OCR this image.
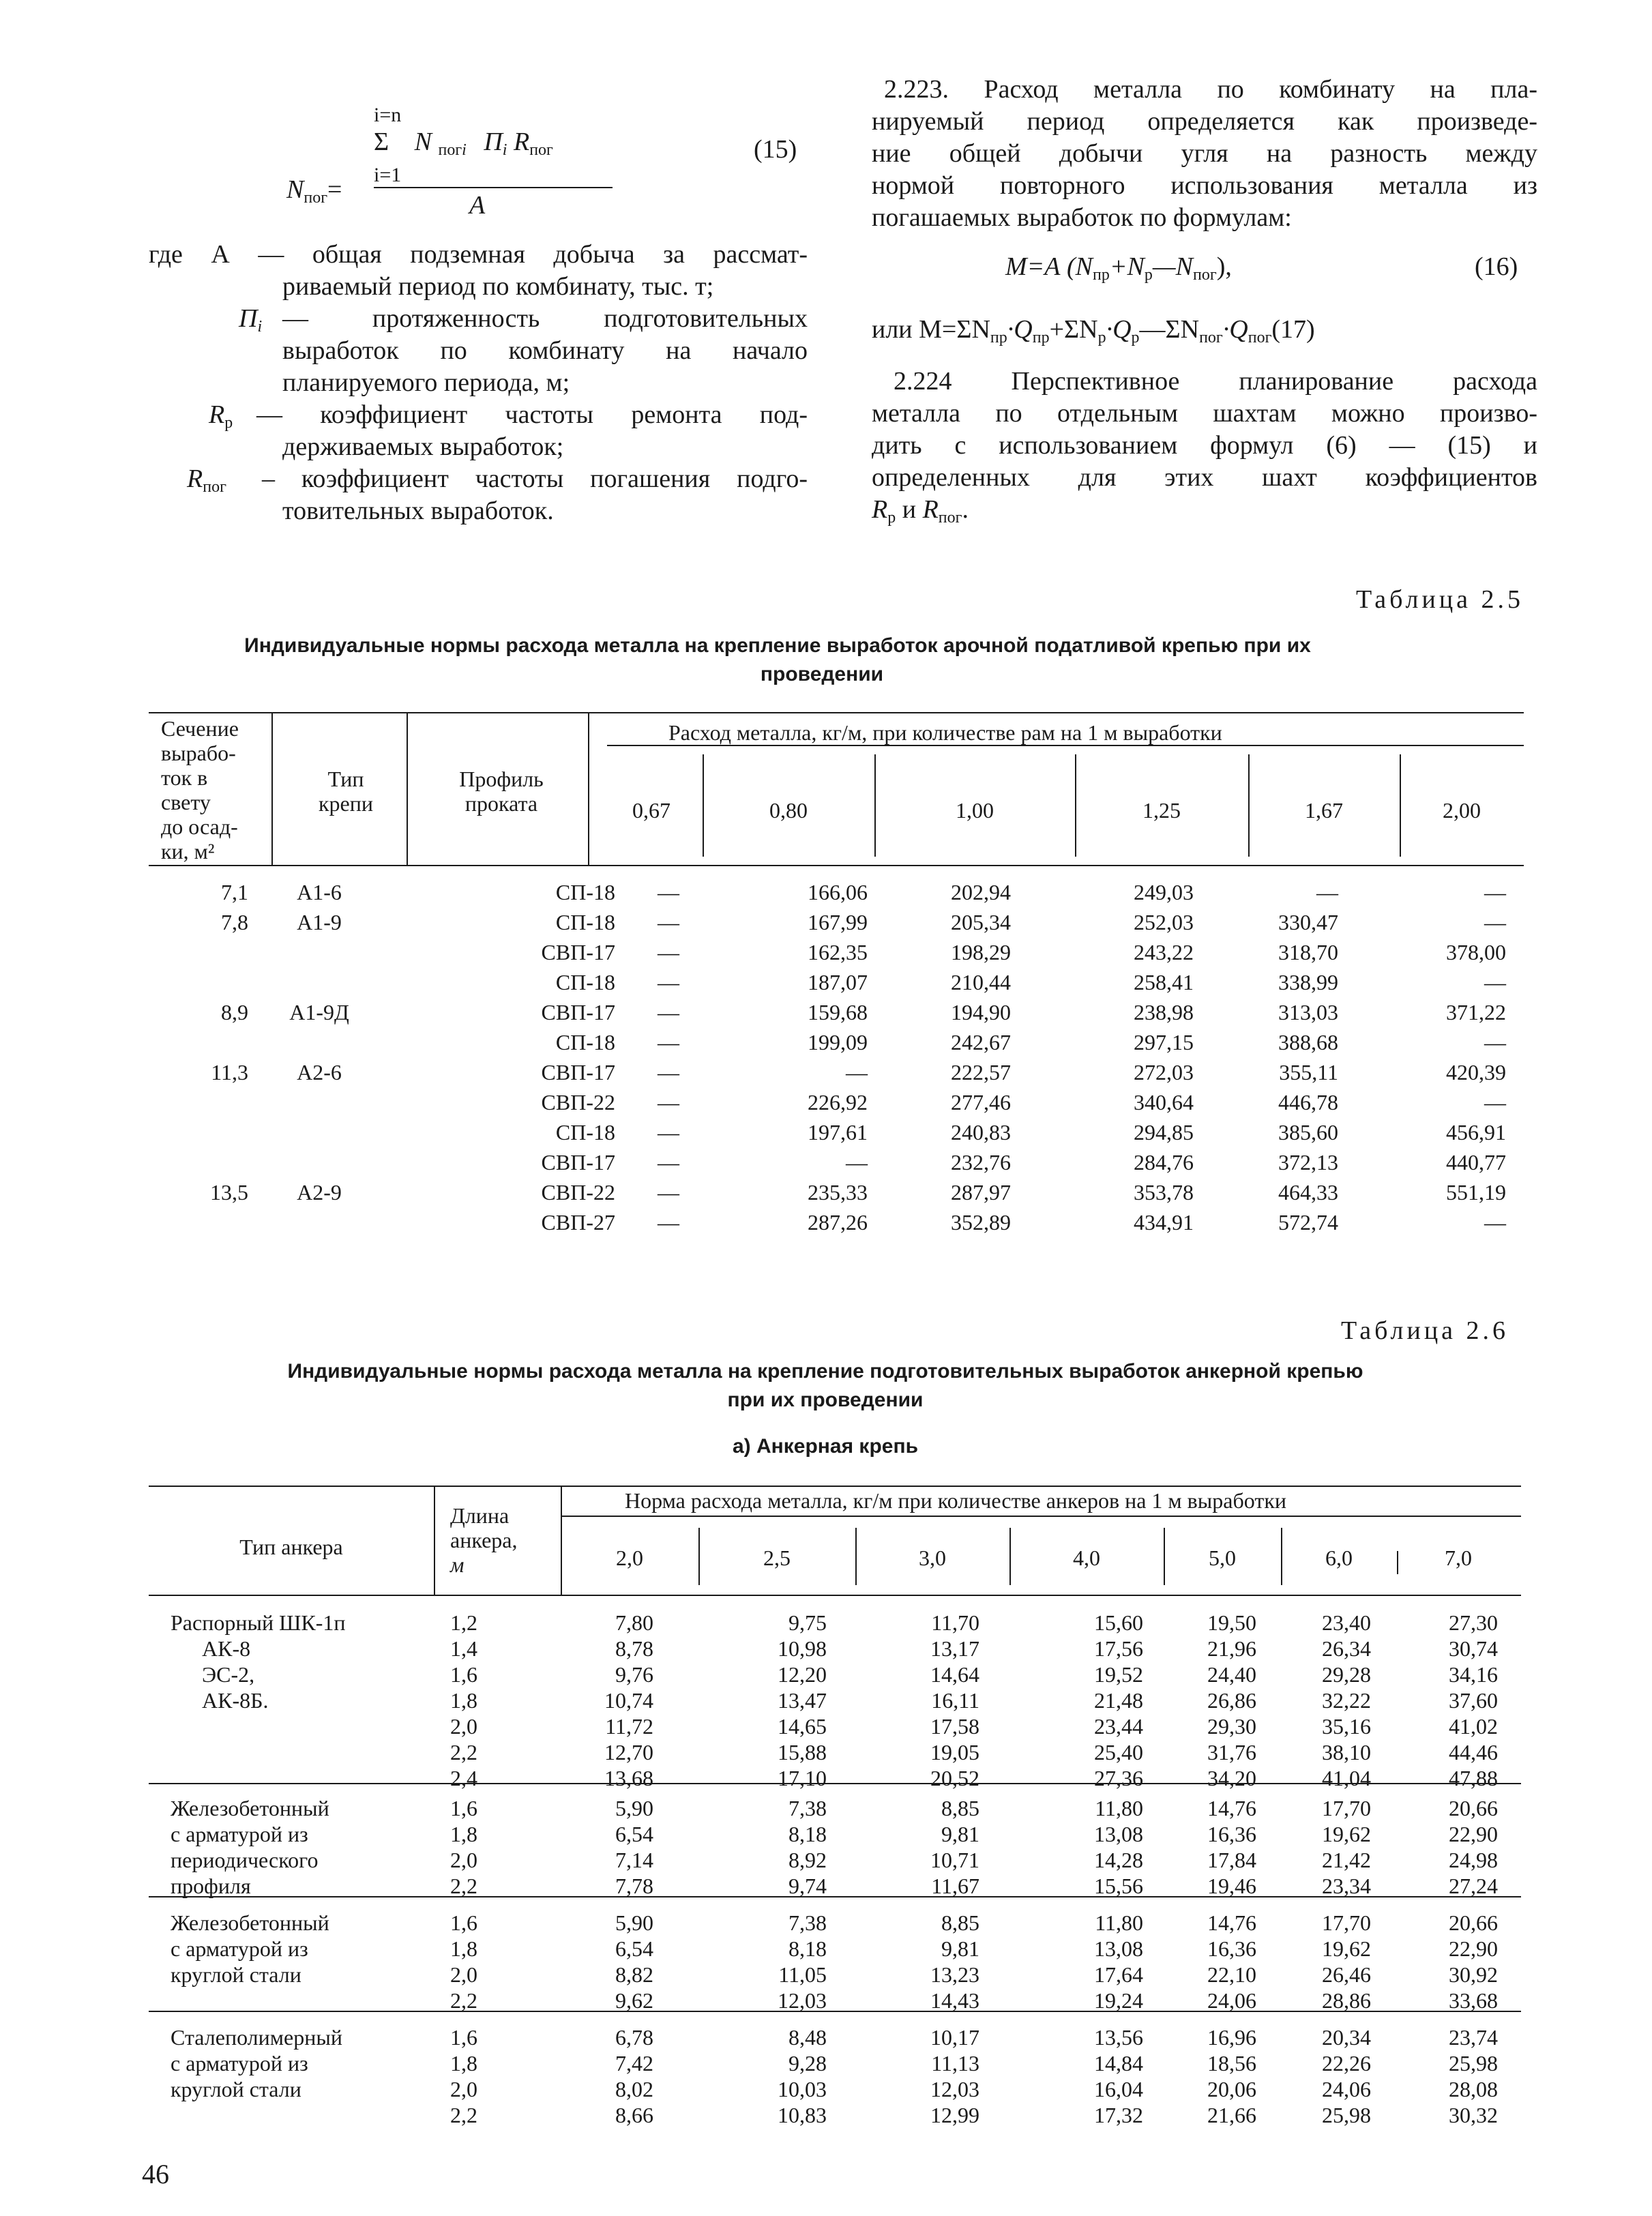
i=n
Σ N $_{погi}$ $П_i$ $R_{пог}$
i=1
$N_{пог}=$
А
(15)
где А — общая подземная добыча за рассмат-
риваемый период по комбинату, тыс. т;
$П_i$ — протяженность подготовительных
выработок по комбинату на начало
планируемого периода, м;
$R_р$ — коэффициент частоты ремонта под-
держиваемых выработок;
$R_{пог}$ – коэффициент частоты погашения подго-
товительных выработок.
2.223. Расход металла по комбинату на пла-
нируемый период определяется как произведе-
ние общей добычи угля на разность между
нормой повторного использования металла из
погашаемых выработок по формулам:
М=А $(N_{пр}+N_р—N_{пог})$,	(16)
или $М=\Sigma N_{пр}\cdot Q_{пр}+\Sigma N_р\cdot Q_р—\Sigma N_{пог}\cdot Q_{пог}(17)$
2.224 Перспективное планирование расхода
металла по отдельным шахтам можно произво-
дить с использованием формул (6) — (15) и
определенных для этих шахт коэффициентов
$R_р$ и $R_{пог}$.
Таблица 2.5
Индивидуальные нормы расхода металла на крепление выработок арочной податливой крепью при их
проведении
Сечение
вырабо-
ток в
свету
до осад-
ки, м²
Тип
крепи
Профиль
проката
Расход металла, кг/м, при количестве рам на 1 м выработки
0,67	0,80	1,00	1,25	1,67	2,00
7,1	А1-6	СП-18	—	166,06	202,94	249,03	—	—
7,8	А1-9	СП-18	—	167,99	205,34	252,03	330,47	—
		СВП-17	—	162,35	198,29	243,22	318,70	378,00
		СП-18	—	187,07	210,44	258,41	338,99	—
8,9	А1-9Д	СВП-17	—	159,68	194,90	238,98	313,03	371,22
		СП-18	—	199,09	242,67	297,15	388,68	—
11,3	А2-6	СВП-17	—	—	222,57	272,03	355,11	420,39
		СВП-22	—	226,92	277,46	340,64	446,78	—
		СП-18	—	197,61	240,83	294,85	385,60	456,91
		СВП-17	—	—	232,76	284,76	372,13	440,77
13,5	А2-9	СВП-22	—	235,33	287,97	353,78	464,33	551,19
		СВП-27	—	287,26	352,89	434,91	572,74	—
Таблица 2.6
Индивидуальные нормы расхода металла на крепление подготовительных выработок анкерной крепью
при их проведении
а) Анкерная крепь
Тип анкера
Длина
анкера,
м
Норма расхода металла, кг/м при количестве анкеров на 1 м выработки
2,0	2,5	3,0	4,0	5,0	6,0	7,0
Распорный ШК-1п
АК-8
ЭС-2,
АК-8Б.
1,2	7,80	9,75	11,70	15,60	19,50	23,40	27,30
1,4	8,78	10,98	13,17	17,56	21,96	26,34	30,74
1,6	9,76	12,20	14,64	19,52	24,40	29,28	34,16
1,8	10,74	13,47	16,11	21,48	26,86	32,22	37,60
2,0	11,72	14,65	17,58	23,44	29,30	35,16	41,02
2,2	12,70	15,88	19,05	25,40	31,76	38,10	44,46
2,4	13,68	17,10	20,52	27,36	34,20	41,04	47,88
Железобетонный
с арматурой из
периодического
профиля
1,6	5,90	7,38	8,85	11,80	14,76	17,70	20,66
1,8	6,54	8,18	9,81	13,08	16,36	19,62	22,90
2,0	7,14	8,92	10,71	14,28	17,84	21,42	24,98
2,2	7,78	9,74	11,67	15,56	19,46	23,34	27,24
Железобетонный
с арматурой из
круглой стали
1,6	5,90	7,38	8,85	11,80	14,76	17,70	20,66
1,8	6,54	8,18	9,81	13,08	16,36	19,62	22,90
2,0	8,82	11,05	13,23	17,64	22,10	26,46	30,92
2,2	9,62	12,03	14,43	19,24	24,06	28,86	33,68
Сталеполимерный
с арматурой из
круглой стали
1,6	6,78	8,48	10,17	13,56	16,96	20,34	23,74
1,8	7,42	9,28	11,13	14,84	18,56	22,26	25,98
2,0	8,02	10,03	12,03	16,04	20,06	24,06	28,08
2,2	8,66	10,83	12,99	17,32	21,66	25,98	30,32
46
